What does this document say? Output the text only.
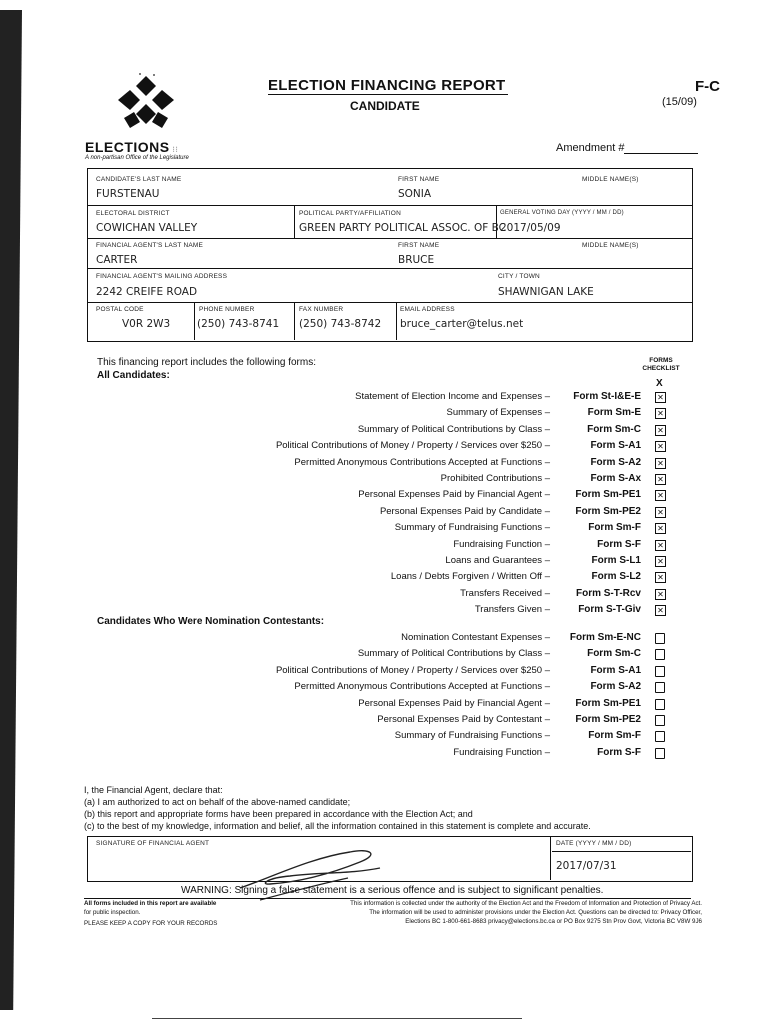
ELECTIONS ⁝⁝
A non-partisan Office of the Legislature
ELECTION FINANCING REPORT
CANDIDATE
F-C
(15/09)
Amendment #
CANDIDATE'S LAST NAME
FURSTENAU
FIRST NAME
SONIA
MIDDLE NAME(S)
ELECTORAL DISTRICT
COWICHAN VALLEY
POLITICAL PARTY/AFFILIATION
GREEN PARTY POLITICAL ASSOC. OF BC
GENERAL VOTING DAY (YYYY / MM / DD)
2017/05/09
FINANCIAL AGENT'S LAST NAME
CARTER
FIRST NAME
BRUCE
MIDDLE NAME(S)
FINANCIAL AGENT'S MAILING ADDRESS
2242 CREIFE ROAD
CITY / TOWN
SHAWNIGAN LAKE
POSTAL CODE
V0R 2W3
PHONE NUMBER
(250) 743-8741
FAX NUMBER
(250) 743-8742
EMAIL ADDRESS
bruce_carter@telus.net
This financing report includes the following forms:	FORMS CHECKLIST
X
All Candidates:
Candidates Who Were Nomination Contestants:
Statement of Election Income and Expenses –	Form St-I&E-E ✕
Summary of Expenses –	Form Sm-E ✕
Summary of Political Contributions by Class –	Form Sm-C ✕
Political Contributions of Money / Property / Services over $250 –	Form S-A1 ✕
Permitted Anonymous Contributions Accepted at Functions –	Form S-A2 ✕
Prohibited Contributions –	Form S-Ax ✕
Personal Expenses Paid by Financial Agent –	Form Sm-PE1 ✕
Personal Expenses Paid by Candidate –	Form Sm-PE2 ✕
Summary of Fundraising Functions –	Form Sm-F ✕
Fundraising Function –	Form S-F ✕
Loans and Guarantees –	Form S-L1 ✕
Loans / Debts Forgiven / Written Off –	Form S-L2 ✕
Transfers Received –	Form S-T-Rcv ✕
Transfers Given –	Form S-T-Giv ✕
Nomination Contestant Expenses –	Form Sm-E-NC
Summary of Political Contributions by Class –	Form Sm-C
Political Contributions of Money / Property / Services over $250 –	Form S-A1
Permitted Anonymous Contributions Accepted at Functions –	Form S-A2
Personal Expenses Paid by Financial Agent –	Form Sm-PE1
Personal Expenses Paid by Contestant –	Form Sm-PE2
Summary of Fundraising Functions –	Form Sm-F
Fundraising Function –	Form S-F
I, the Financial Agent, declare that:
(a) I am authorized to act on behalf of the above-named candidate;
(b) this report and appropriate forms have been prepared in accordance with the Election Act; and
(c) to the best of my knowledge, information and belief, all the information contained in this statement is complete and accurate.
SIGNATURE OF FINANCIAL AGENT	DATE (YYYY / MM / DD)
2017/07/31
WARNING: Signing a false statement is a serious offence and is subject to significant penalties.
All forms included in this report are available
for public inspection.
PLEASE KEEP A COPY FOR YOUR RECORDS
This information is collected under the authority of the Election Act and the Freedom of Information and Protection of Privacy Act.
The information will be used to administer provisions under the Election Act. Questions can be directed to: Privacy Officer,
Elections BC 1-800-661-8683 privacy@elections.bc.ca or PO Box 9275 Stn Prov Govt, Victoria BC V8W 9J6
